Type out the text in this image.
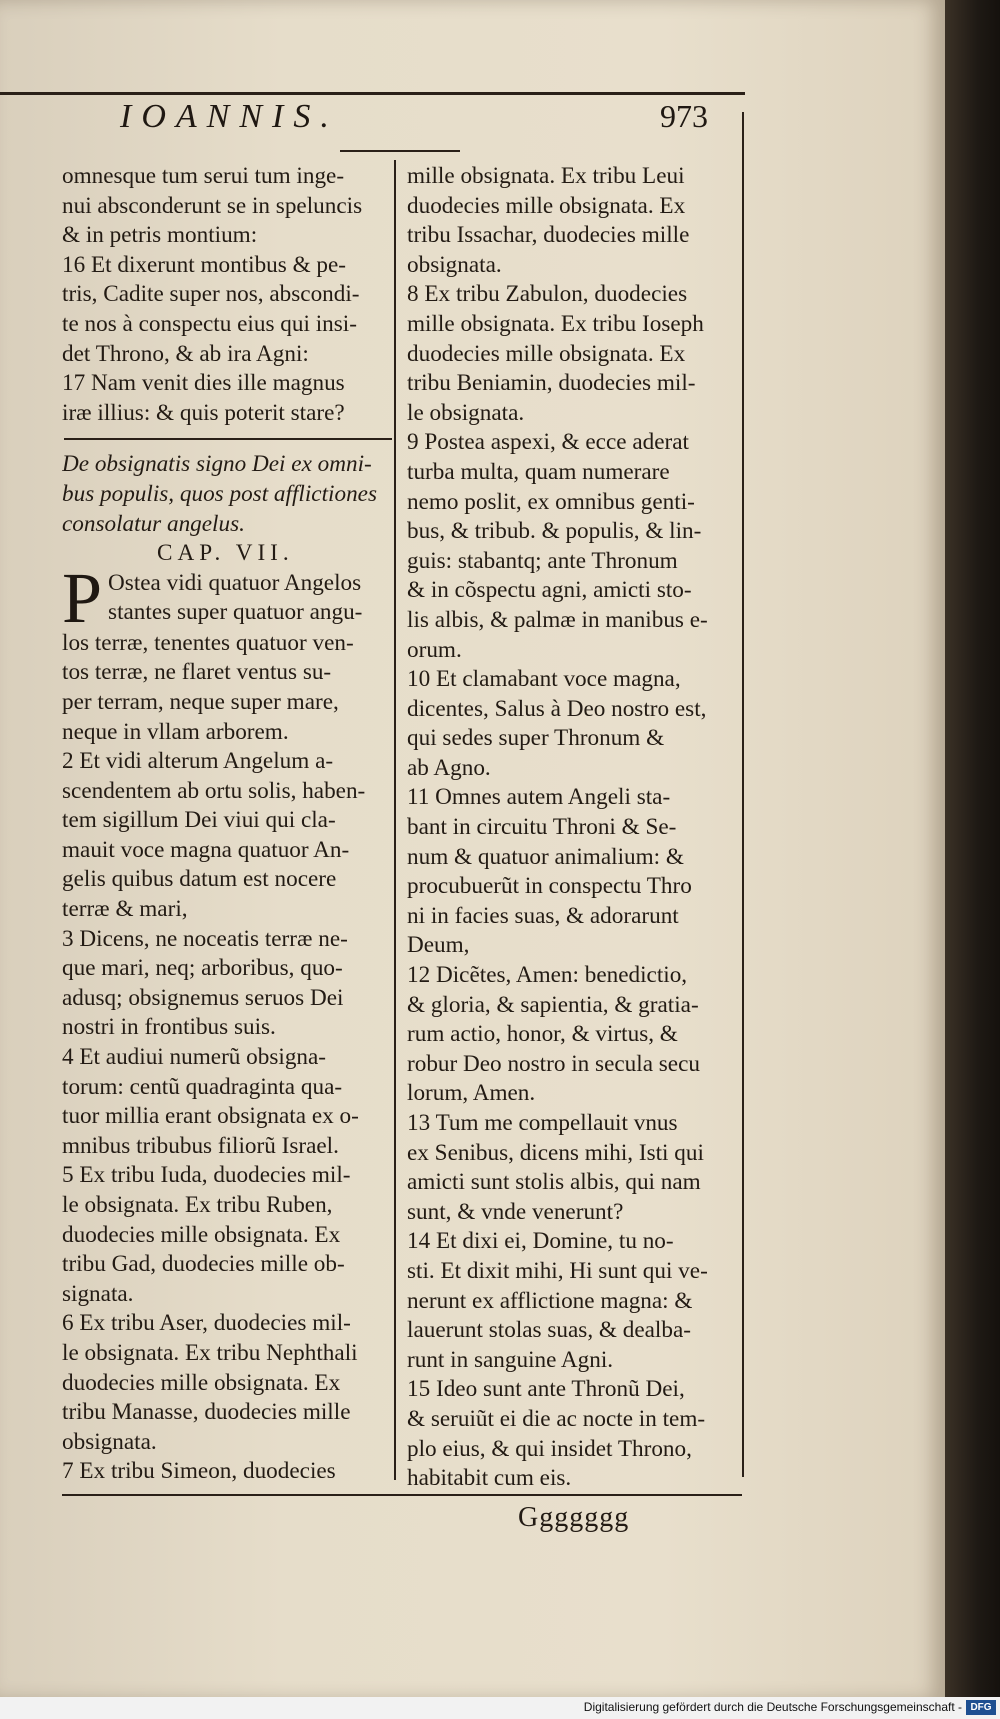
IOANNIS.	973
omnesque tum serui tum inge-
nui absconderunt se in speluncis
& in petris montium:
16 Et dixerunt montibus & pe-
tris, Cadite super nos, abscondi-
te nos à conspectu eius qui insi-
det Throno, & ab ira Agni:
17 Nam venit dies ille magnus
iræ illius: & quis poterit stare?
De obsignatis signo Dei ex omni-
bus populis, quos post afflictiones
consolatur angelus.
CAP. VII.
P Ostea vidi quatuor Angelos
stantes super quatuor angu-
los terræ, tenentes quatuor ven-
tos terræ, ne flaret ventus su-
per terram, neque super mare,
neque in vllam arborem.
2 Et vidi alterum Angelum a-
scendentem ab ortu solis, haben-
tem sigillum Dei viui qui cla-
mauit voce magna quatuor An-
gelis quibus datum est nocere
terræ & mari,
3 Dicens, ne noceatis terræ ne-
que mari, neq; arboribus, quo-
adusq; obsignemus seruos Dei
nostri in frontibus suis.
4 Et audiui numerũ obsigna-
torum: centũ quadraginta qua-
tuor millia erant obsignata ex o-
mnibus tribubus filiorũ Israel.
5 Ex tribu Iuda, duodecies mil-
le obsignata. Ex tribu Ruben,
duodecies mille obsignata. Ex
tribu Gad, duodecies mille ob-
signata.
6 Ex tribu Aser, duodecies mil-
le obsignata. Ex tribu Nephthali
duodecies mille obsignata. Ex
tribu Manasse, duodecies mille
obsignata.
7 Ex tribu Simeon, duodecies
mille obsignata. Ex tribu Leui
duodecies mille obsignata. Ex
tribu Issachar, duodecies mille
obsignata.
8 Ex tribu Zabulon, duodecies
mille obsignata. Ex tribu Ioseph
duodecies mille obsignata. Ex
tribu Beniamin, duodecies mil-
le obsignata.
9 Postea aspexi, & ecce aderat
turba multa, quam numerare
nemo poslit, ex omnibus genti-
bus, & tribub. & populis, & lin-
guis: stabantq; ante Thronum
& in cõspectu agni, amicti sto-
lis albis, & palmæ in manibus e-
orum.
10 Et clamabant voce magna,
dicentes, Salus à Deo nostro est,
qui sedes super Thronum &
ab Agno.
11 Omnes autem Angeli sta-
bant in circuitu Throni & Se-
num & quatuor animalium: &
procubuerũt in conspectu Thro
ni in facies suas, & adorarunt
Deum,
12 Dicẽtes, Amen: benedictio,
& gloria, & sapientia, & gratia-
rum actio, honor, & virtus, &
robur Deo nostro in secula secu
lorum, Amen.
13 Tum me compellauit vnus
ex Senibus, dicens mihi, Isti qui
amicti sunt stolis albis, qui nam
sunt, & vnde venerunt?
14 Et dixi ei, Domine, tu no-
sti. Et dixit mihi, Hi sunt qui ve-
nerunt ex afflictione magna: &
lauerunt stolas suas, & dealba-
runt in sanguine Agni.
15 Ideo sunt ante Thronũ Dei,
& seruiũt ei die ac nocte in tem-
plo eius, & qui insidet Throno,
habitabit cum eis.
Ggggggg
Digitalisierung gefördert durch die Deutsche Forschungsgemeinschaft - DFG
